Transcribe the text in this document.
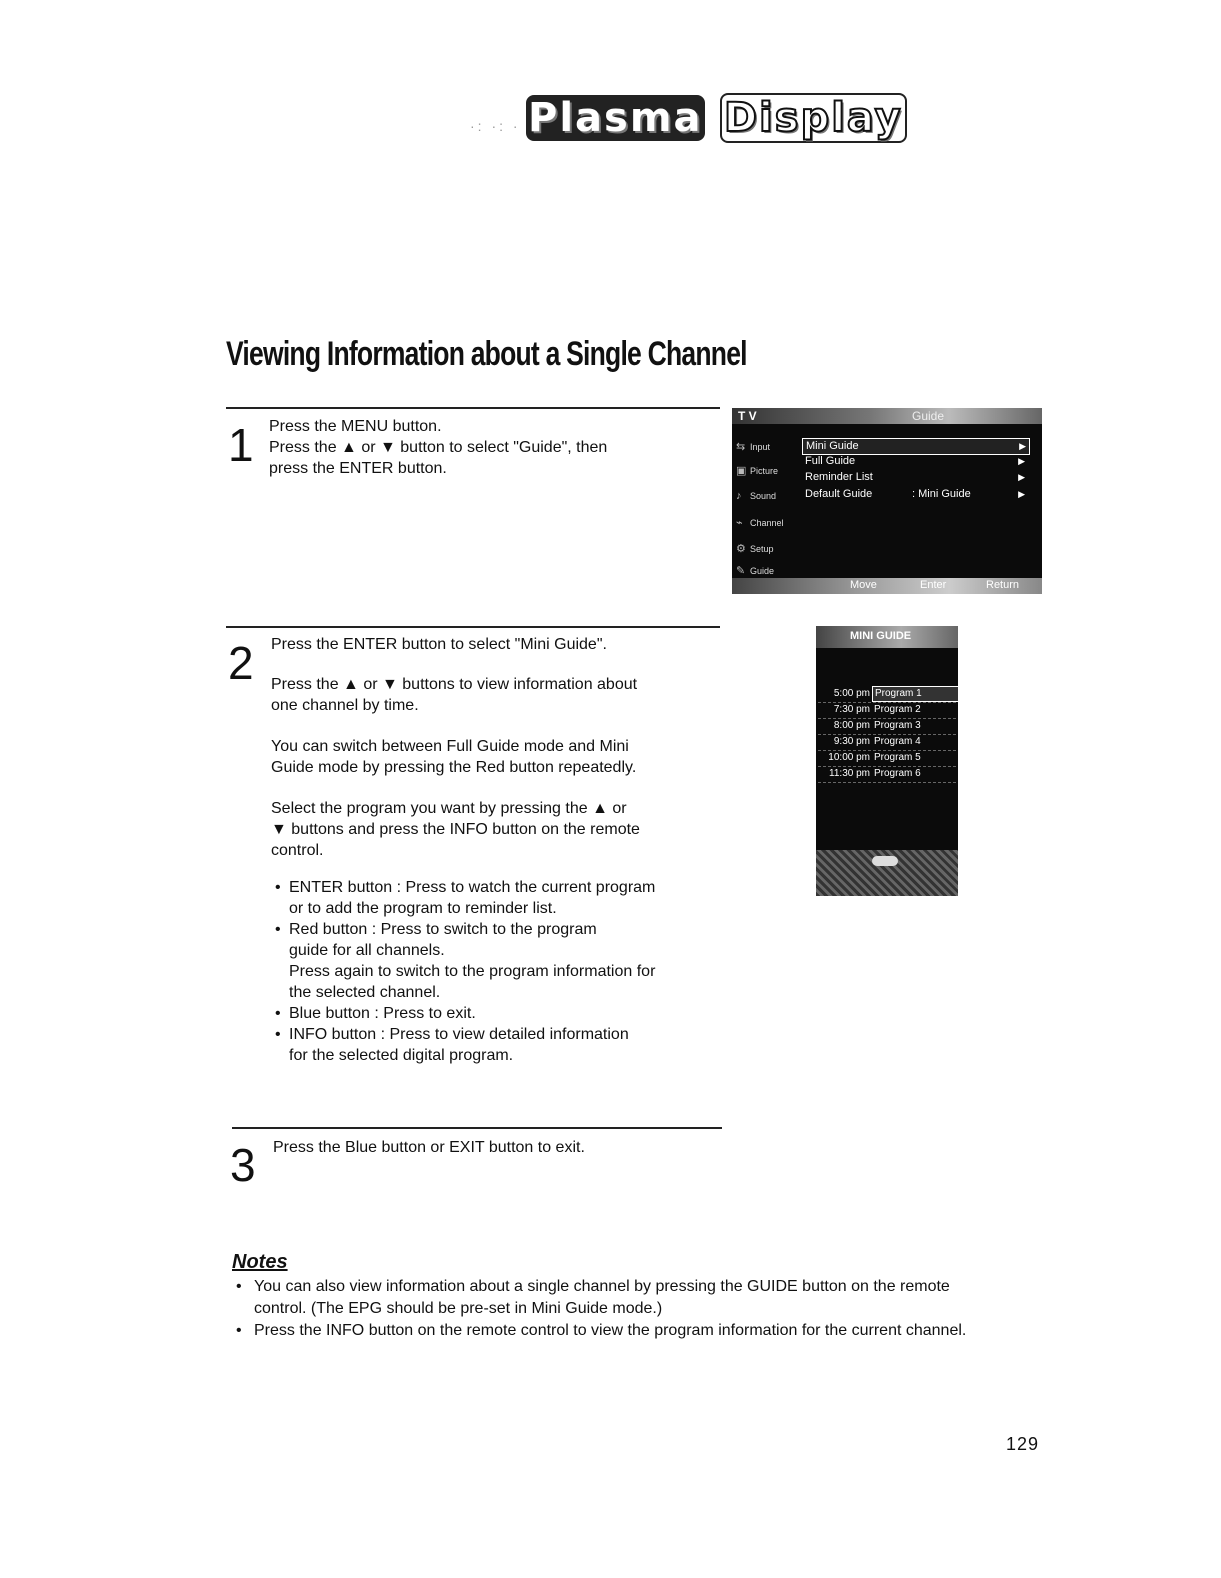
·: ·: · Plasma Display
Viewing Information about a Single Channel
1 Press the MENU button.

Press the ▲ or ▼ button to select "Guide", then

press the ENTER button.

T V	Guide
⇆ Input
▣ Picture
♪ Sound
⌁ Channel
⚙ Setup
✎ Guide
Mini Guide	▶
Full Guide	▶
Reminder List	▶
Default Guide	: Mini Guide	▶
Move	Enter	Return
2 Press the ENTER button to select "Mini Guide".

Press the ▲ or ▼ buttons to view information about

one channel by time.

You can switch between Full Guide mode and Mini

Guide mode by pressing the Red button repeatedly.

Select the program you want by pressing the ▲ or

▼ buttons and press the INFO button on the remote

control.

• ENTER button : Press to watch the current program
or to add the program to reminder list.
• Red button : Press to switch to the program
guide for all channels.
Press again to switch to the program information for
the selected channel.
• Blue button : Press to exit.
• INFO button : Press to view detailed information
for the selected digital program.
MINI GUIDE
5:00 pm Program 1
7:30 pm Program 2
8:00 pm Program 3
9:30 pm Program 4
10:00 pm Program 5
11:30 pm Program 6
3 Press the Blue button or EXIT button to exit.

Notes
• You can also view information about a single channel by pressing the GUIDE button on the remote
control. (The EPG should be pre-set in Mini Guide mode.)
• Press the INFO button on the remote control to view the program information for the current channel.
129
